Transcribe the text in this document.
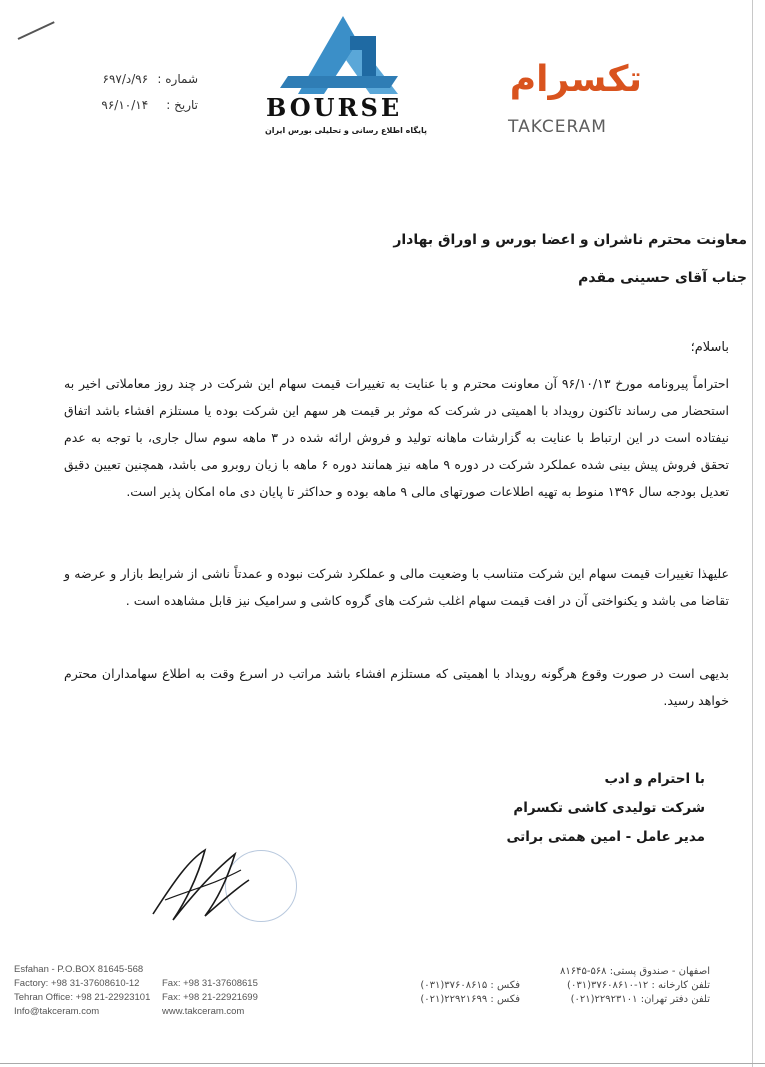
شماره : ۹۶/د/۶۹۷
تاریخ : ۹۶/۱۰/۱۴	BOURSE
پایگاه اطلاع رسانی و تحلیلی بورس ایران
تکسرام
TAKCERAM
معاونت محترم ناشران و اعضا بورس و اوراق بهادار
جناب آقای حسینی مقدم
باسلام؛
احتراماً پیرونامه مورخ ۹۶/۱۰/۱۳ آن معاونت محترم و با عنایت به تغییرات قیمت سهام این شرکت در چند روز معاملاتی اخیر به استحضار می رساند تاکنون رویداد با اهمیتی در شرکت که موثر بر قیمت هر سهم این شرکت بوده یا مستلزم افشاء باشد اتفاق نیفتاده است در این ارتباط با عنایت به گزارشات ماهانه تولید و فروش ارائه شده در ۳ ماهه سوم سال جاری، با توجه به عدم تحقق فروش پیش بینی شده عملکرد شرکت در دوره ۹ ماهه نیز همانند دوره ۶ ماهه با زیان روبرو می باشد، همچنین تعیین دقیق تعدیل بودجه سال ۱۳۹۶ منوط به تهیه اطلاعات صورتهای مالی ۹ ماهه بوده و حداکثر تا پایان دی ماه امکان پذیر است.
علیهذا تغییرات قیمت سهام این شرکت متناسب با وضعیت مالی و عملکرد شرکت نبوده و عمدتاً ناشی از شرایط بازار و عرضه و تقاضا می باشد و یکنواختی آن در افت قیمت سهام اغلب شرکت های گروه کاشی و سرامیک نیز قابل مشاهده است .
بدیهی است در صورت وقوع هرگونه رویداد با اهمیتی که مستلزم افشاء باشد مراتب در اسرع وقت به اطلاع سهامداران محترم خواهد رسید.
با احترام و ادب
شرکت تولیدی کاشی تکسرام
مدیر عامل - امین همتی براتی
Esfahan - P.O.BOX 81645-568
Factory: +98 31-37608610-12
Tehran Office: +98 21-22923101
Info@takceram.com
Fax: +98 31-37608615
Fax: +98 21-22921699
www.takceram.com
اصفهان - صندوق پستی: ۵۶۸-۸۱۶۴۵
تلفن کارخانه : ۱۲-۳۷۶۰۸۶۱۰(۰۳۱)
تلفن دفتر تهران: ۲۲۹۲۳۱۰۱(۰۲۱)
فکس : ۳۷۶۰۸۶۱۵(۰۳۱)
فکس : ۲۲۹۲۱۶۹۹(۰۲۱)
